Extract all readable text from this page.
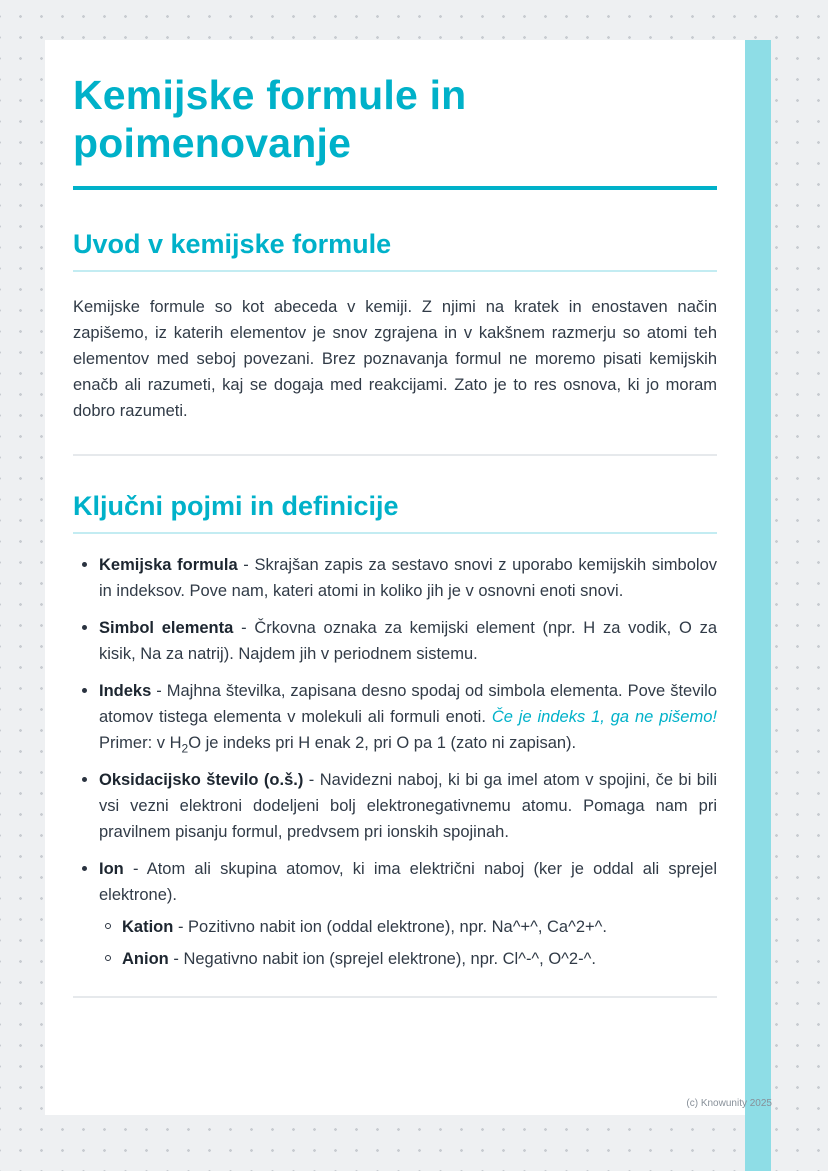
Kemijske formule in
poimenovanje
Uvod v kemijske formule

Kemijske formule so kot abeceda v kemiji. Z njimi na kratek in enostaven način zapišemo, iz katerih elementov je snov zgrajena in v kakšnem razmerju so atomi teh elementov med seboj povezani. Brez poznavanja formul ne moremo pisati kemijskih enačb ali razumeti, kaj se dogaja med reakcijami. Zato je to res osnova, ki jo moram dobro razumeti.

Ključni pojmi in definicije

Kemijska formula - Skrajšan zapis za sestavo snovi z uporabo kemijskih simbolov in indeksov. Pove nam, kateri atomi in koliko jih je v osnovni enoti snovi.

Simbol elementa - Črkovna oznaka za kemijski element (npr. H za vodik, O za kisik, Na za natrij). Najdem jih v periodnem sistemu.

Indeks - Majhna številka, zapisana desno spodaj od simbola elementa. Pove število atomov tistega elementa v molekuli ali formuli enoti. Če je indeks 1, ga ne pišemo! Primer: v $H_2O$ je indeks pri H enak 2, pri O pa 1 (zato ni zapisan).

Oksidacijsko število (o.š.) - Navidezni naboj, ki bi ga imel atom v spojini, če bi bili vsi vezni elektroni dodeljeni bolj elektronegativnemu atomu. Pomaga nam pri pravilnem pisanju formul, predvsem pri ionskih spojinah.

Ion - Atom ali skupina atomov, ki ima električni naboj (ker je oddal ali sprejel elektrone).

Kation - Pozitivno nabit ion (oddal elektrone), npr. Na^+^, Ca^2+^.

Anion - Negativno nabit ion (sprejel elektrone), npr. Cl^-^, O^2-^.

(c) Knowunity 2025
